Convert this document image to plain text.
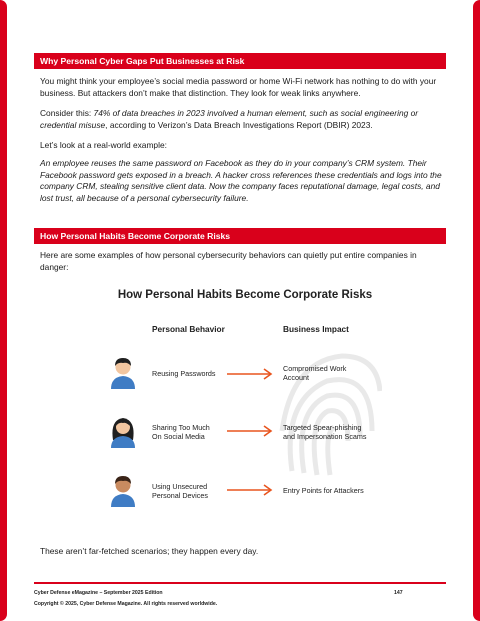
Why Personal Cyber Gaps Put Businesses at Risk

You might think your employee’s social media password or home Wi-Fi network has nothing to do with your business. But attackers don’t make that distinction. They look for weak links anywhere.

Consider this: 74% of data breaches in 2023 involved a human element, such as social engineering or credential misuse, according to Verizon’s Data Breach Investigations Report (DBIR) 2023.

Let’s look at a real-world example:

An employee reuses the same password on Facebook as they do in your company’s CRM system. Their Facebook password gets exposed in a breach. A hacker cross references these credentials and logs into the company CRM, stealing sensitive client data. Now the company faces reputational damage, legal costs, and lost trust, all because of a personal cybersecurity failure.

How Personal Habits Become Corporate Risks

Here are some examples of how personal cybersecurity behaviors can quietly put entire companies in danger:

How Personal Habits Become Corporate Risks
Personal Behavior	Business Impact
Reusing Passwords
Compromised Work
Account
Sharing Too Much
On Social Media
Targeted Spear-phishing
and Impersonation Scams
Using Unsecured
Personal Devices
Entry Points for Attackers

These aren’t far-fetched scenarios; they happen every day.

Cyber Defense eMagazine – September 2025 Edition	147
Copyright © 2025, Cyber Defense Magazine. All rights reserved worldwide.
